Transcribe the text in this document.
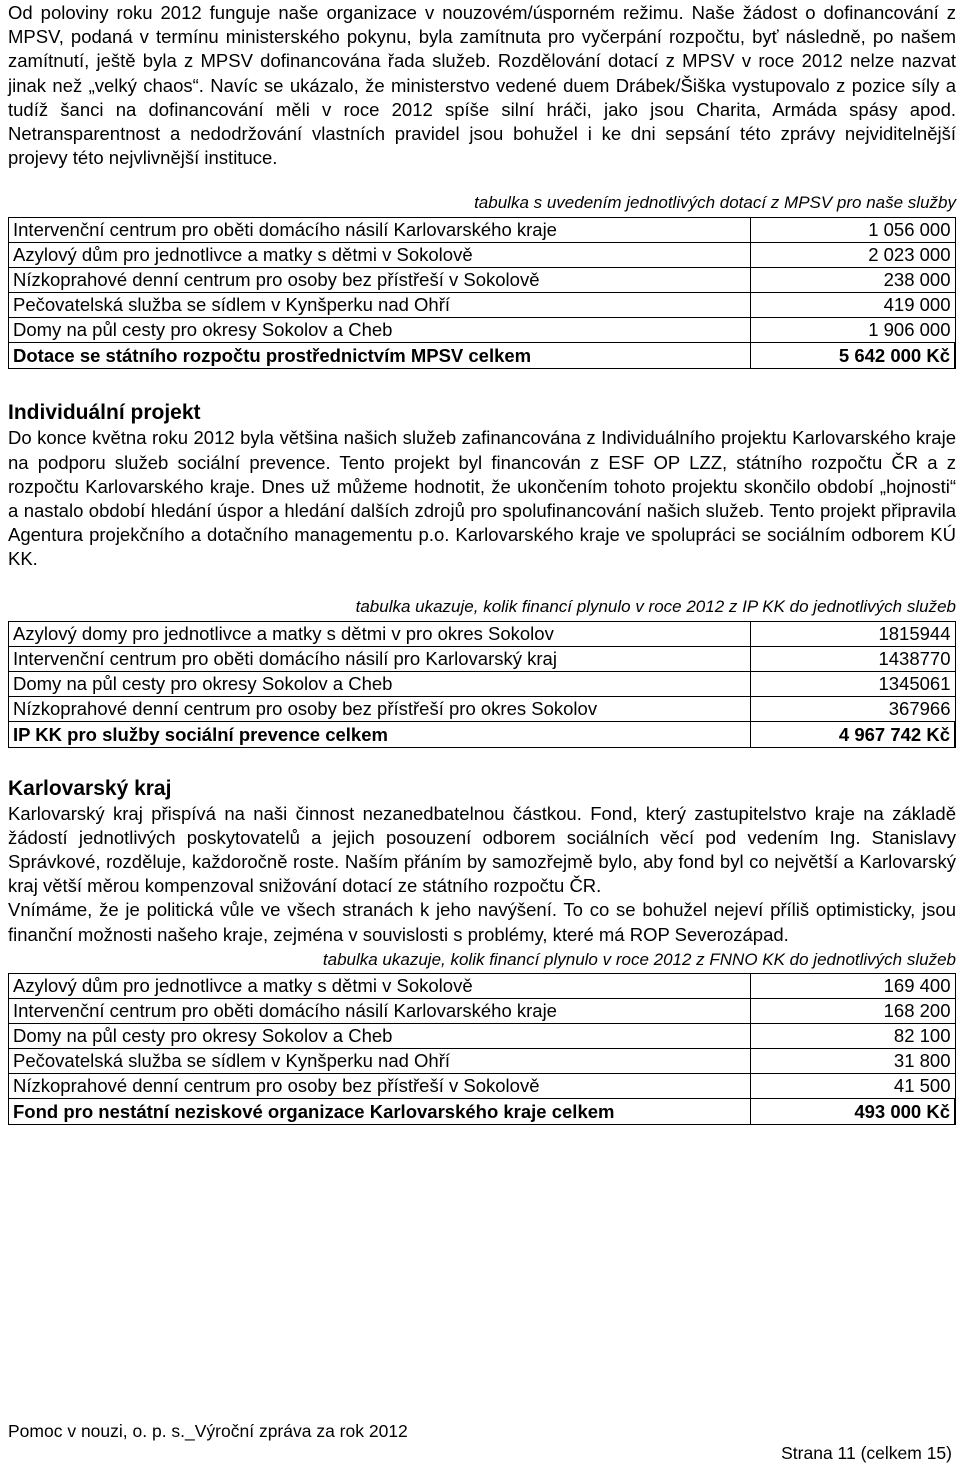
Od poloviny roku 2012 funguje naše organizace v nouzovém/úsporném režimu. Naše žádost o dofinancování z MPSV, podaná v termínu ministerského pokynu, byla zamítnuta pro vyčerpání rozpočtu, byť následně, po našem zamítnutí, ještě byla z MPSV dofinancována řada služeb. Rozdělování dotací z MPSV v roce 2012 nelze nazvat jinak než „velký chaos“. Navíc se ukázalo, že ministerstvo vedené duem Drábek/Šiška vystupovalo z pozice síly a tudíž šanci na dofinancování měli v roce 2012 spíše silní hráči, jako jsou Charita, Armáda spásy apod. Netransparentnost a nedodržování vlastních pravidel jsou bohužel i ke dni sepsání této zprávy nejviditelnější projevy této nejvlivnější instituce.

tabulka s uvedením jednotlivých dotací z MPSV pro naše služby

Intervenční centrum pro oběti domácího násilí Karlovarského kraje	1 056 000
Azylový dům pro jednotlivce a matky s dětmi v Sokolově	2 023 000
Nízkoprahové denní centrum pro osoby bez přístřeší v Sokolově	238 000
Pečovatelská služba se sídlem v Kynšperku nad Ohří	419 000
Domy na půl cesty pro okresy Sokolov a Cheb	1 906 000
Dotace se státního rozpočtu prostřednictvím MPSV celkem	5 642 000 Kč

Individuální projekt

Do konce května roku 2012 byla většina našich služeb zafinancována z Individuálního projektu Karlovarského kraje na podporu služeb sociální prevence. Tento projekt byl financován z ESF OP LZZ, státního rozpočtu ČR a z rozpočtu Karlovarského kraje. Dnes už můžeme hodnotit, že ukončením tohoto projektu skončilo období „hojnosti“ a nastalo období hledání úspor a hledání dalších zdrojů pro spolufinancování našich služeb. Tento projekt připravila Agentura projekčního a dotačního managementu p.o. Karlovarského kraje ve spolupráci se sociálním odborem KÚ KK.

tabulka ukazuje, kolik financí plynulo v roce 2012 z IP KK do jednotlivých služeb

Azylový domy pro jednotlivce a matky s dětmi v pro okres Sokolov	1815944
Intervenční centrum pro oběti domácího násilí pro Karlovarský kraj	1438770
Domy na půl cesty pro okresy Sokolov a Cheb	1345061
Nízkoprahové denní centrum pro osoby bez přístřeší pro okres Sokolov	367966
IP KK pro služby sociální prevence celkem	4 967 742 Kč

Karlovarský kraj

Karlovarský kraj přispívá na naši činnost nezanedbatelnou částkou. Fond, který zastupitelstvo kraje na základě žádostí jednotlivých poskytovatelů a jejich posouzení odborem sociálních věcí pod vedením Ing. Stanislavy Správkové, rozděluje, každoročně roste. Naším přáním by samozřejmě bylo, aby fond byl co největší a Karlovarský kraj větší měrou kompenzoval snižování dotací ze státního rozpočtu ČR.

Vnímáme, že je politická vůle ve všech stranách k jeho navýšení. To co se bohužel nejeví příliš optimisticky, jsou finanční možnosti našeho kraje, zejména v souvislosti s problémy, které má ROP Severozápad.

tabulka ukazuje, kolik financí plynulo v roce 2012 z FNNO KK do jednotlivých služeb

Azylový dům pro jednotlivce a matky s dětmi v Sokolově	169 400
Intervenční centrum pro oběti domácího násilí Karlovarského kraje	168 200
Domy na půl cesty pro okresy Sokolov a Cheb	82 100
Pečovatelská služba se sídlem v Kynšperku nad Ohří	31 800
Nízkoprahové denní centrum pro osoby bez přístřeší v Sokolově	41 500
Fond pro nestátní neziskové organizace Karlovarského kraje celkem	493 000 Kč
Pomoc v nouzi, o. p. s._Výroční zpráva za rok 2012
Strana 11 (celkem 15)
